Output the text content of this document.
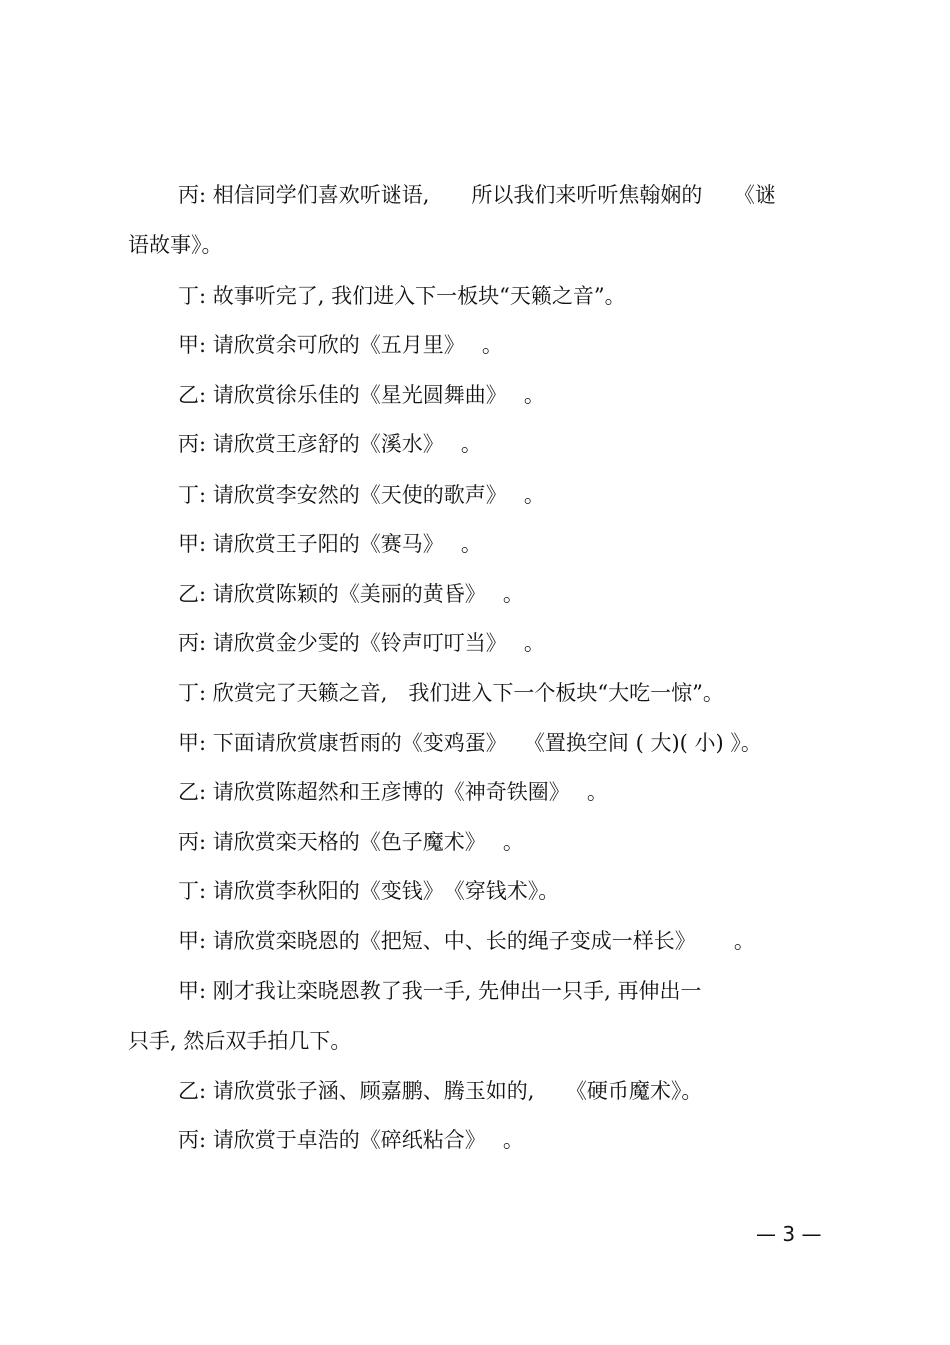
丙: 相信同学们喜欢听谜语,　　所以我们来听听焦翰娴的　　《谜
语故事》。
丁: 故事听完了, 我们进入下一板块“天籁之音”。
甲: 请欣赏余可欣的《五月里》　 。
乙: 请欣赏徐乐佳的《星光圆舞曲》　 。
丙: 请欣赏王彦舒的《溪水》　 。
丁: 请欣赏李安然的《天使的歌声》　 。
甲: 请欣赏王子阳的《赛马》　 。
乙: 请欣赏陈颖的《美丽的黄昏》　 。
丙: 请欣赏金少雯的《铃声叮叮当》　 。
丁: 欣赏完了天籁之音,　我们进入下一个板块“大吃一惊”。
甲: 下面请欣赏康哲雨的《变鸡蛋》　 《置换空间 ( 大)( 小) 》。
乙: 请欣赏陈超然和王彦博的《神奇铁圈》　 。
丙: 请欣赏栾天格的《色子魔术》　 。
丁: 请欣赏李秋阳的《变钱》　《穿钱术》。
甲: 请欣赏栾晓恩的《把短、中、长的绳子变成一样长》　　 。
甲: 刚才我让栾晓恩教了我一手, 先伸出一只手, 再伸出一
只手, 然后双手拍几下。
乙: 请欣赏张子涵、顾嘉鹏、腾玉如的,　　《硬币魔术》。
丙: 请欣赏于卓浩的《碎纸粘合》　 。
— 3 —
